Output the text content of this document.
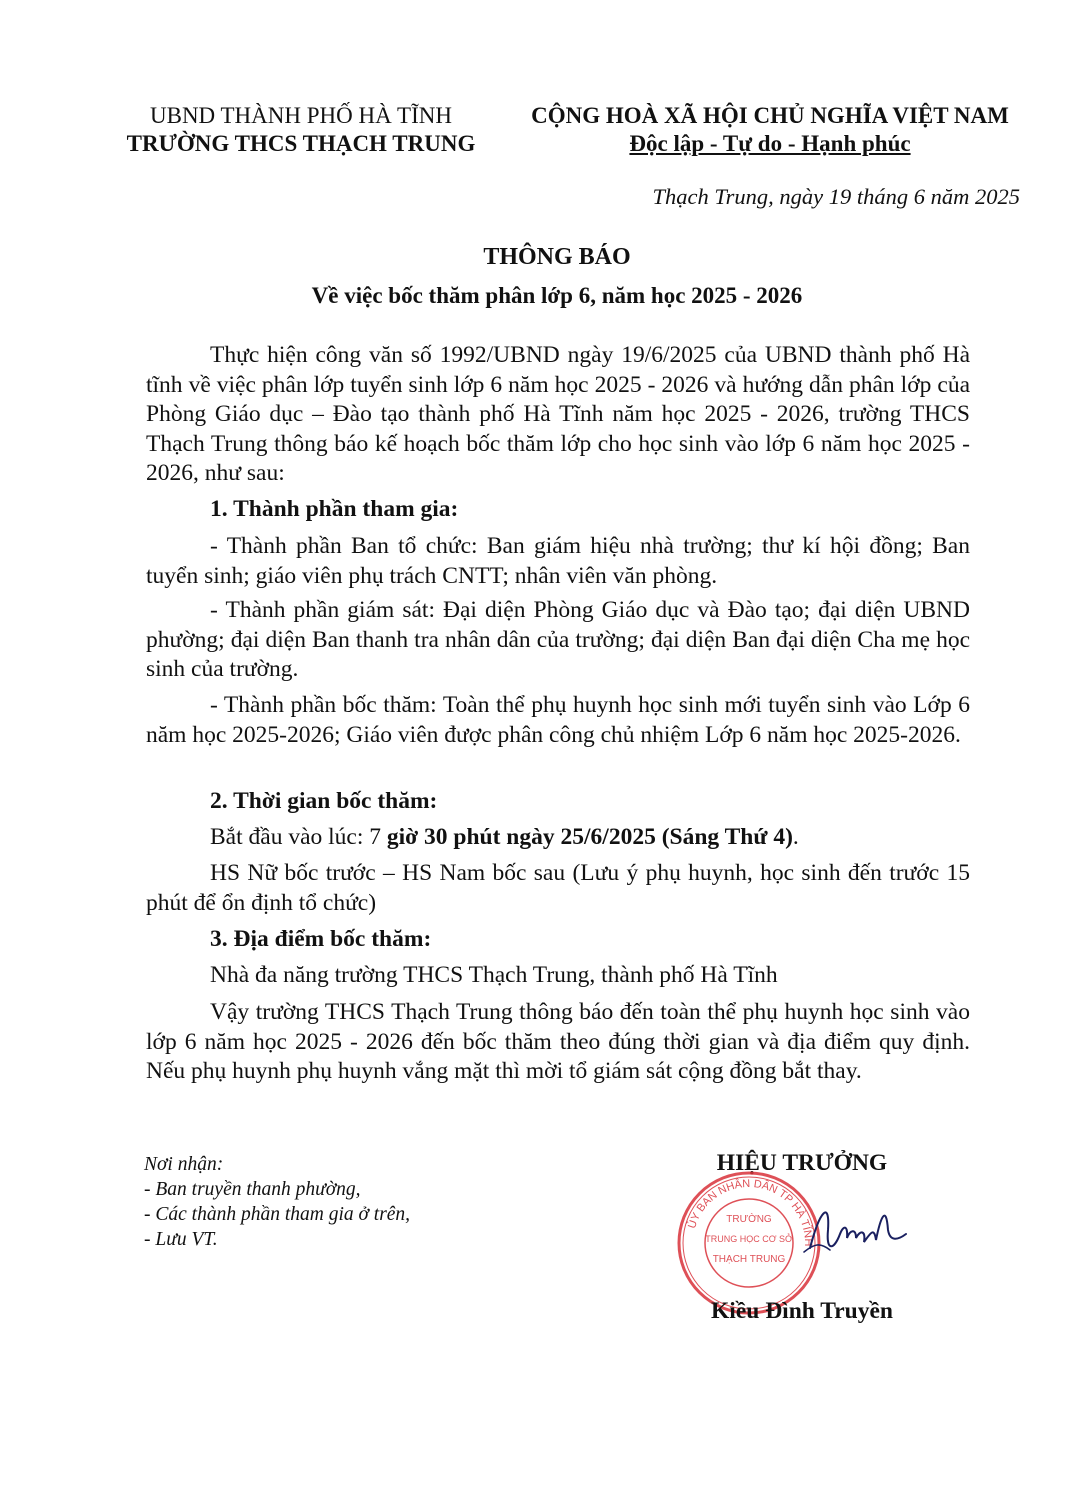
UBND THÀNH PHỐ HÀ TĨNH
TRƯỜNG THCS THẠCH TRUNG
CỘNG HOÀ XÃ HỘI CHỦ NGHĨA VIỆT NAM
Độc lập - Tự do - Hạnh phúc
Thạch Trung, ngày 19 tháng 6 năm 2025
THÔNG BÁO
Về việc bốc thăm phân lớp 6, năm học 2025 - 2026
Thực hiện công văn số 1992/UBND ngày 19/6/2025 của UBND thành phố Hà tĩnh về việc phân lớp tuyển sinh lớp 6 năm học 2025 - 2026 và hướng dẫn phân lớp của Phòng Giáo dục – Đào tạo thành phố Hà Tĩnh năm học 2025 - 2026, trường THCS Thạch Trung thông báo kế hoạch bốc thăm lớp cho học sinh vào lớp 6 năm học 2025 - 2026, như sau:
1. Thành phần tham gia:
- Thành phần Ban tổ chức: Ban giám hiệu nhà trường; thư kí hội đồng; Ban tuyển sinh; giáo viên phụ trách CNTT; nhân viên văn phòng.
- Thành phần giám sát: Đại diện Phòng Giáo dục và Đào tạo; đại diện UBND phường; đại diện Ban thanh tra nhân dân của trường; đại diện Ban đại diện Cha mẹ học sinh của trường.
- Thành phần bốc thăm: Toàn thể phụ huynh học sinh mới tuyển sinh vào Lớp 6 năm học 2025-2026; Giáo viên được phân công chủ nhiệm Lớp 6 năm học 2025-2026.
2. Thời gian bốc thăm:
Bắt đầu vào lúc: 7 giờ 30 phút ngày 25/6/2025 (Sáng Thứ 4).
HS Nữ bốc trước – HS Nam bốc sau (Lưu ý phụ huynh, học sinh đến trước 15 phút để ổn định tổ chức)
3. Địa điểm bốc thăm:
Nhà đa năng trường THCS Thạch Trung, thành phố Hà Tĩnh
Vậy trường THCS Thạch Trung thông báo đến toàn thể phụ huynh học sinh vào lớp 6 năm học 2025 - 2026 đến bốc thăm theo đúng thời gian và địa điểm quy định. Nếu phụ huynh phụ huynh vắng mặt thì mời tổ giám sát cộng đồng bắt thay.
Nơi nhận:
- Ban truyền thanh phường,
- Các thành phần tham gia ở trên,
- Lưu VT.
HIỆU TRƯỞNG
ỦY BAN NHÂN DÂN TP HÀ TĨNH
TRƯỜNG
TRUNG HỌC CƠ SỞ
THẠCH TRUNG
Kiều Đình Truyền
